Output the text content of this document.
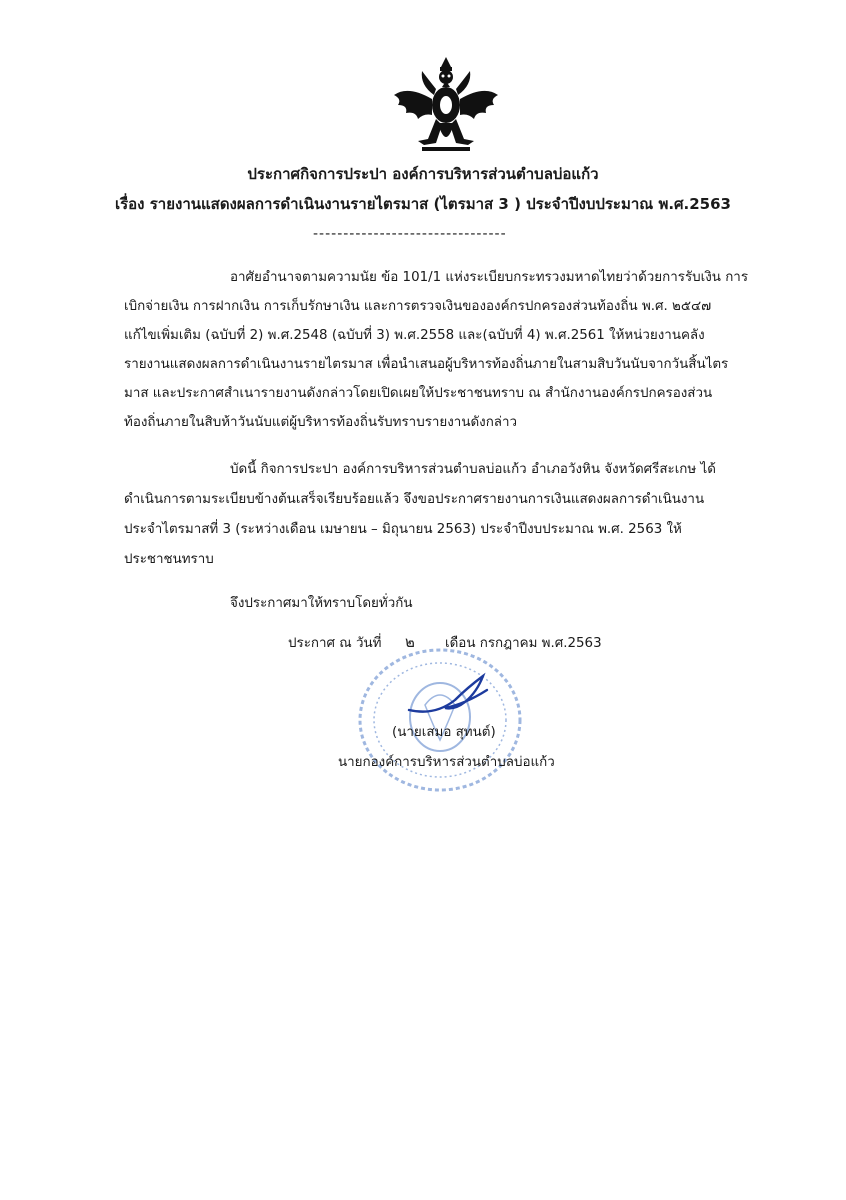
ประกาศกิจการประปา องค์การบริหารส่วนตำบลบ่อแก้ว
เรื่อง รายงานแสดงผลการดำเนินงานรายไตรมาส (ไตรมาส 3 ) ประจำปีงบประมาณ พ.ศ.2563
--------------------------------
อาศัยอำนาจตามความนัย ข้อ 101/1 แห่งระเบียบกระทรวงมหาดไทยว่าด้วยการรับเงิน การ
เบิกจ่ายเงิน การฝากเงิน การเก็บรักษาเงิน และการตรวจเงินขององค์กรปกครองส่วนท้องถิ่น พ.ศ. ๒๕๔๗
แก้ไขเพิ่มเติม (ฉบับที่ 2) พ.ศ.2548 (ฉบับที่ 3) พ.ศ.2558 และ(ฉบับที่ 4) พ.ศ.2561 ให้หน่วยงานคลัง
รายงานแสดงผลการดำเนินงานรายไตรมาส เพื่อนำเสนอผู้บริหารท้องถิ่นภายในสามสิบวันนับจากวันสิ้นไตร
มาส และประกาศสำเนารายงานดังกล่าวโดยเปิดเผยให้ประชาชนทราบ ณ สำนักงานองค์กรปกครองส่วน
ท้องถิ่นภายในสิบห้าวันนับแต่ผู้บริหารท้องถิ่นรับทราบรายงานดังกล่าว
บัดนี้ กิจการประปา องค์การบริหารส่วนตำบลบ่อแก้ว อำเภอวังหิน จังหวัดศรีสะเกษ ได้
ดำเนินการตามระเบียบข้างต้นเสร็จเรียบร้อยแล้ว จึงขอประกาศรายงานการเงินแสดงผลการดำเนินงาน
ประจำไตรมาสที่ 3 (ระหว่างเดือน เมษายน – มิถุนายน 2563) ประจำปีงบประมาณ พ.ศ. 2563 ให้
ประชาชนทราบ
จึงประกาศมาให้ทราบโดยทั่วกัน
ประกาศ ณ วันที่ ๒ เดือน กรกฎาคม พ.ศ.2563
(นายเสมอ สุทนต์)
นายกองค์การบริหารส่วนตำบลบ่อแก้ว
